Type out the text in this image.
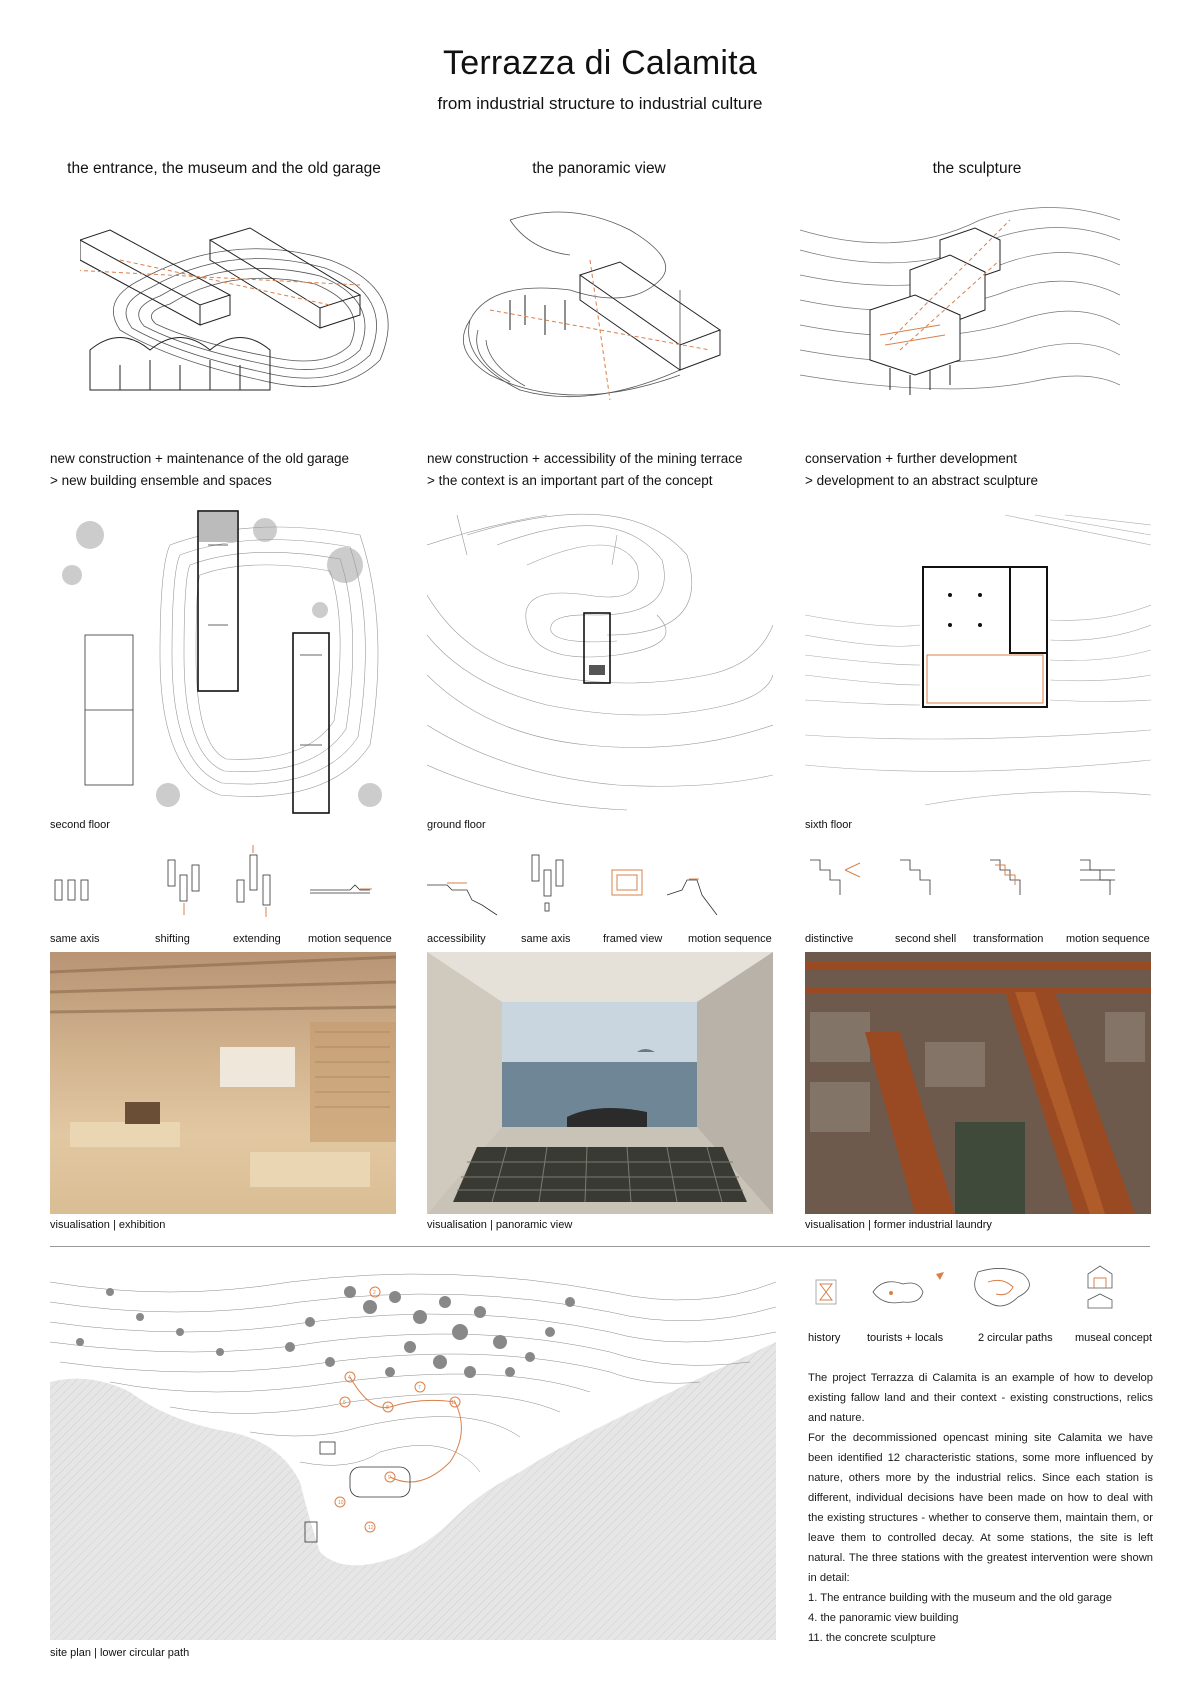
Terrazza di Calamita
from industrial structure to industrial culture
the entrance, the museum and the old garage	the panoramic view	the sculpture
new construction + maintenance of the old garage
> new building ensemble and spaces
new construction + accessibility of the mining terrace
> the context is an important part of the concept
conservation + further development
> development to an abstract sculpture
second floor	ground floor	sixth floor
same axis	shifting	extending motion sequence	accessibility	same axis	framed view motion sequence	distinctive	second shell transformation motion sequence
visualisation | exhibition	visualisation | panoramic view	visualisation | former industrial laundry
2
4
6
7
8
9
10
11
12
site plan | lower circular path
history tourists + locals	2 circular paths museal concept

The project Terrazza di Calamita is an example of how to develop existing fallow land and their context - existing constructions, relics and nature.

For the decommissioned opencast mining site Calamita we have been identified 12 characteristic stations, some more influenced by nature, others more by the industrial relics. Since each station is different, individual decisions have been made on how to deal with the existing structures - whether to conserve them, maintain them, or leave them to controlled decay. At some stations, the site is left natural. The three stations with the greatest intervention were shown in detail:

1. The entrance building with the museum and the old garage
4. the panoramic view building
11. the concrete sculpture
